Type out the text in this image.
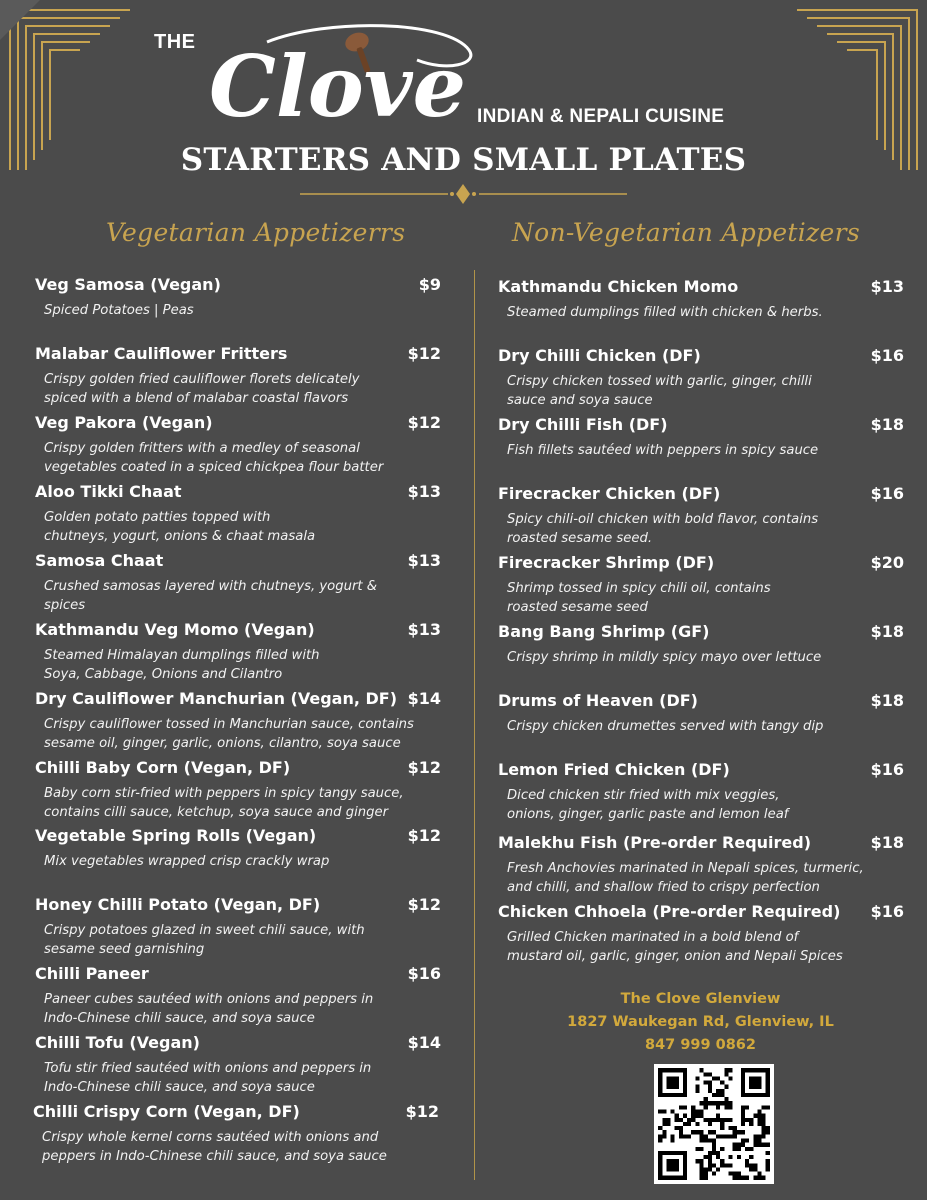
THE Clove INDIAN & NEPALI CUISINE
STARTERS AND SMALL PLATES
Vegetarian Appetizerrs	Non-Vegetarian Appetizers
Veg Samosa (Vegan)	$9
Spiced Potatoes | Peas
Malabar Cauliflower Fritters	$12
Crispy golden fried cauliflower florets delicately
spiced with a blend of malabar coastal flavors
Veg Pakora (Vegan)	$12
Crispy golden fritters with a medley of seasonal
vegetables coated in a spiced chickpea flour batter
Aloo Tikki Chaat	$13
Golden potato patties topped with
chutneys, yogurt, onions & chaat masala
Samosa Chaat	$13
Crushed samosas layered with chutneys, yogurt &
spices
Kathmandu Veg Momo (Vegan)	$13
Steamed Himalayan dumplings filled with
Soya, Cabbage, Onions and Cilantro
Dry Cauliflower Manchurian (Vegan, DF) $14
Crispy cauliflower tossed in Manchurian sauce, contains
sesame oil, ginger, garlic, onions, cilantro, soya sauce
Chilli Baby Corn (Vegan, DF)	$12
Baby corn stir-fried with peppers in spicy tangy sauce,
contains cilli sauce, ketchup, soya sauce and ginger
Vegetable Spring Rolls (Vegan)	$12
Mix vegetables wrapped crisp crackly wrap
Honey Chilli Potato (Vegan, DF)	$12
Crispy potatoes glazed in sweet chili sauce, with
sesame seed garnishing
Chilli Paneer	$16
Paneer cubes sautéed with onions and peppers in
Indo-Chinese chili sauce, and soya sauce
Chilli Tofu (Vegan)	$14
Tofu stir fried sautéed with onions and peppers in
Indo-Chinese chili sauce, and soya sauce
Chilli Crispy Corn (Vegan, DF)	$12
Crispy whole kernel corns sautéed with onions and
peppers in Indo-Chinese chili sauce, and soya sauce
Kathmandu Chicken Momo	$13
Steamed dumplings filled with chicken & herbs.
Dry Chilli Chicken (DF)	$16
Crispy chicken tossed with garlic, ginger, chilli
sauce and soya sauce
Dry Chilli Fish (DF)	$18
Fish fillets sautéed with peppers in spicy sauce
Firecracker Chicken (DF)	$16
Spicy chili-oil chicken with bold flavor, contains
roasted sesame seed.
Firecracker Shrimp (DF)	$20
Shrimp tossed in spicy chili oil, contains
roasted sesame seed
Bang Bang Shrimp (GF)	$18
Crispy shrimp in mildly spicy mayo over lettuce
Drums of Heaven (DF)	$18
Crispy chicken drumettes served with tangy dip
Lemon Fried Chicken (DF)	$16
Diced chicken stir fried with mix veggies,
onions, ginger, garlic paste and lemon leaf
Malekhu Fish (Pre-order Required)	$18
Fresh Anchovies marinated in Nepali spices, turmeric,
and chilli, and shallow fried to crispy perfection
Chicken Chhoela (Pre-order Required) $16
Grilled Chicken marinated in a bold blend of
mustard oil, garlic, ginger, onion and Nepali Spices
The Clove Glenview
1827 Waukegan Rd, Glenview, IL
847 999 0862
